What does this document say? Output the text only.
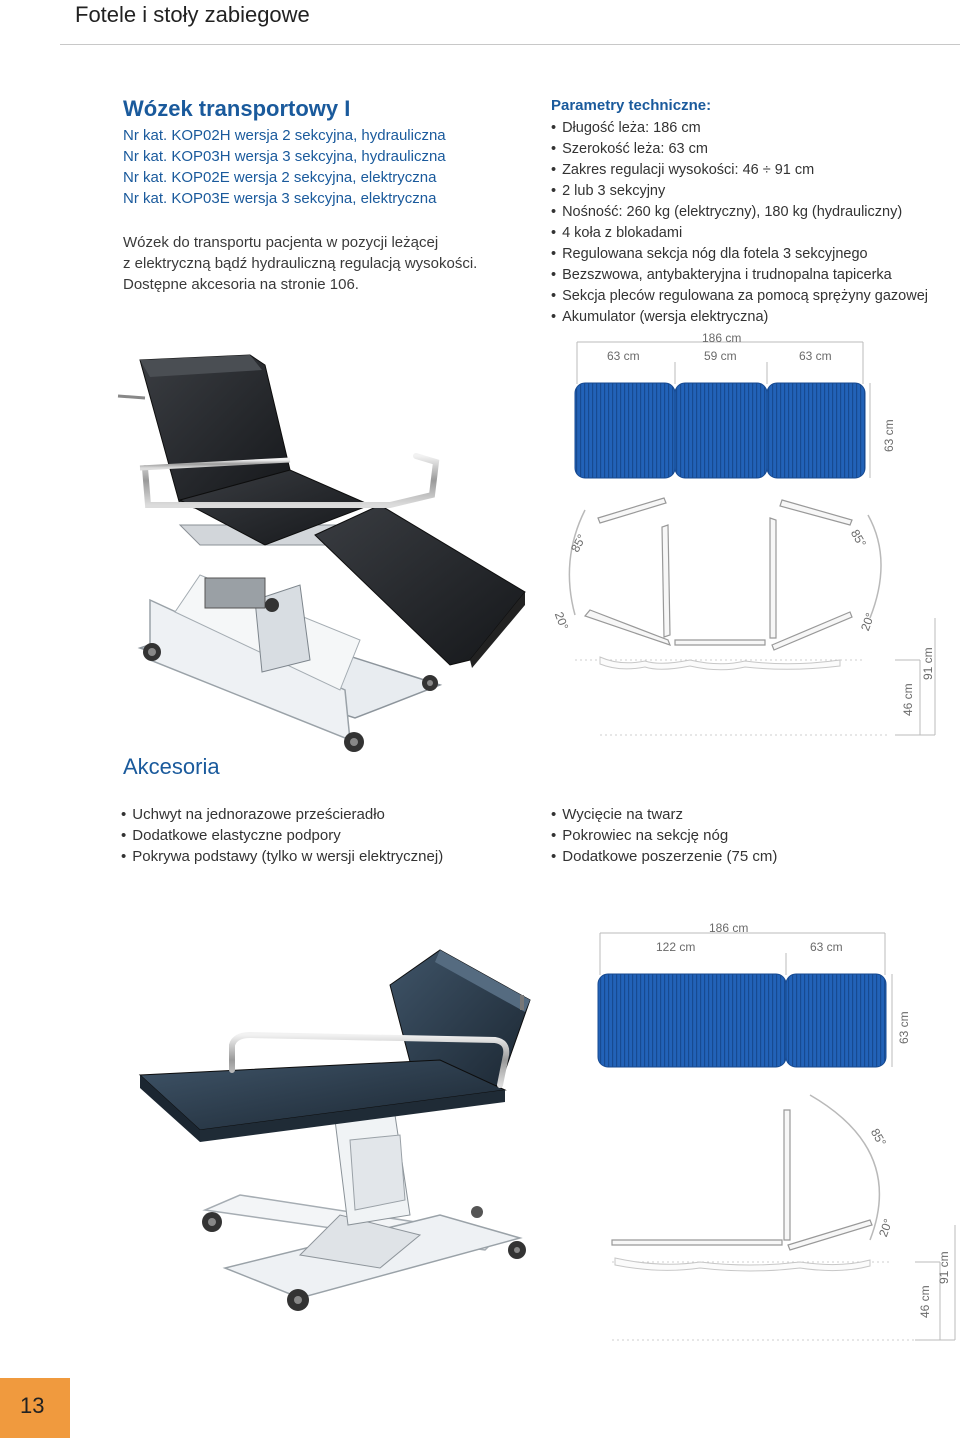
Fotele i stoły zabiegowe
Wózek transportowy I
Nr kat. KOP02H wersja 2 sekcyjna, hydrauliczna
Nr kat. KOP03H wersja 3 sekcyjna, hydrauliczna
Nr kat. KOP02E wersja 2 sekcyjna, elektryczna
Nr kat. KOP03E wersja 3 sekcyjna, elektryczna
Wózek do transportu pacjenta w pozycji leżącej
z elektryczną bądź hydrauliczną regulacją wysokości.
Dostępne akcesoria na stronie 106.
Parametry techniczne:
• Długość leża: 186 cm
• Szerokość leża: 63 cm
• Zakres regulacji wysokości: 46 ÷ 91 cm
• 2 lub 3 sekcyjny
• Nośność: 260 kg (elektryczny), 180 kg (hydrauliczny)
• 4 koła z blokadami
• Regulowana sekcja nóg dla fotela 3 sekcyjnego
• Bezszwowa, antybakteryjna i trudnopalna tapicerka
• Sekcja pleców regulowana za pomocą sprężyny gazowej
• Akumulator (wersja elektryczna)
186 cm
63 cm	59 cm	63 cm
63 cm
85°	85°
20°	20°
46 cm
91 cm
Akcesoria
• Uchwyt na jednorazowe prześcieradło
• Dodatkowe elastyczne podpory
• Pokrywa podstawy (tylko w wersji elektrycznej)
• Wycięcie na twarz
• Pokrowiec na sekcję nóg
• Dodatkowe poszerzenie (75 cm)
186 cm
122 cm	63 cm
63 cm
85°
20°
46 cm
91 cm
13
